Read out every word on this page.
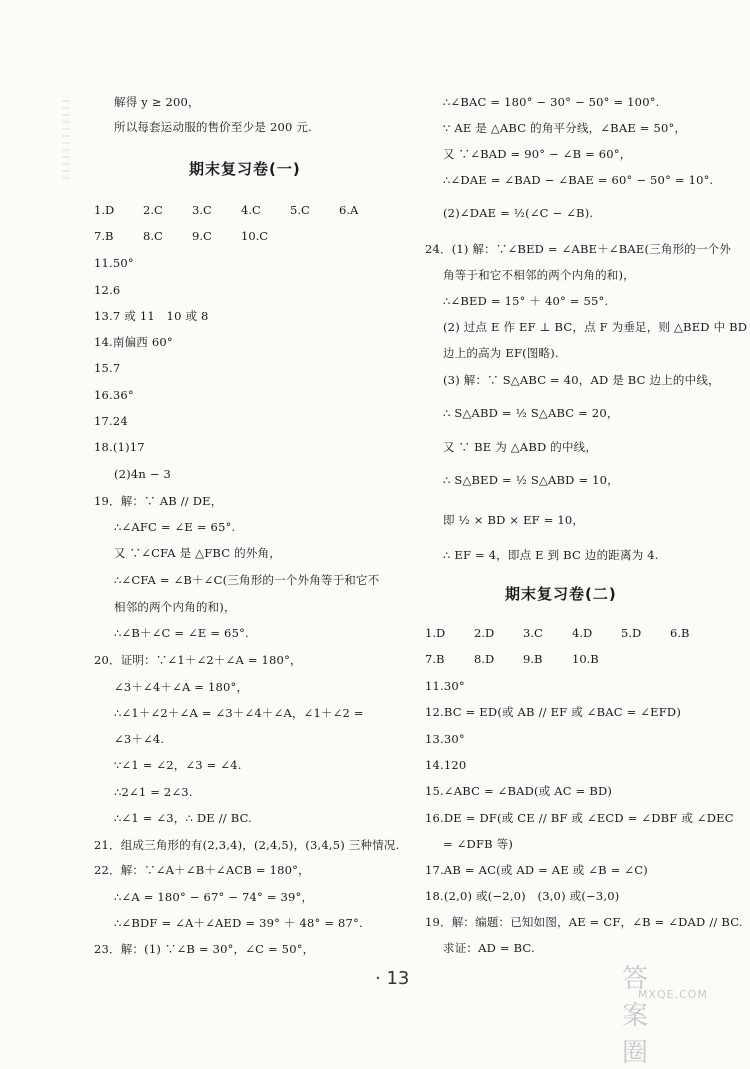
解得 y ≥ 200，
所以每套运动服的售价至少是 200 元.
期末复习卷(一)
1.D	2.C	3.C	4.C	5.C	6.A
7.B	8.C	9.C	10.C
11.50°
12.6
13.7 或 11　10 或 8
14.南偏西 60°
15.7
16.36°
17.24
18.(1)17
(2)4n − 3
19．解：∵ AB // DE，
∴∠AFC = ∠E = 65°.
又 ∵∠CFA 是 △FBC 的外角，
∴∠CFA = ∠B＋∠C(三角形的一个外角等于和它不
相邻的两个内角的和)，
∴∠B＋∠C = ∠E = 65°.
20．证明：∵∠1＋∠2＋∠A = 180°，
∠3＋∠4＋∠A = 180°，
∴∠1＋∠2＋∠A = ∠3＋∠4＋∠A，∠1＋∠2 =
∠3＋∠4.
∵∠1 = ∠2，∠3 = ∠4.
∴2∠1 = 2∠3.
∴∠1 = ∠3，∴ DE // BC.
21．组成三角形的有(2,3,4)，(2,4,5)，(3,4,5) 三种情况.
22．解：∵∠A＋∠B＋∠ACB = 180°，
∴∠A = 180° − 67° − 74° = 39°，
∴∠BDF = ∠A＋∠AED = 39° ＋ 48° = 87°.
23．解：(1) ∵∠B = 30°，∠C = 50°，
∴∠BAC = 180° − 30° − 50° = 100°.
∵ AE 是 △ABC 的角平分线，∠BAE = 50°，
又 ∵∠BAD = 90° − ∠B = 60°，
∴∠DAE = ∠BAD − ∠BAE = 60° − 50° = 10°.
(2)∠DAE = ½(∠C − ∠B).
24．(1) 解：∵∠BED = ∠ABE＋∠BAE(三角形的一个外
角等于和它不相邻的两个内角的和)，
∴∠BED = 15° ＋ 40° = 55°.
(2) 过点 E 作 EF ⊥ BC，点 F 为垂足，则 △BED 中 BD
边上的高为 EF(图略).
(3) 解：∵ S△ABC = 40，AD 是 BC 边上的中线，
∴ S△ABD = ½ S△ABC = 20，
又 ∵ BE 为 △ABD 的中线，
∴ S△BED = ½ S△ABD = 10，
即 ½ × BD × EF = 10，
∴ EF = 4，即点 E 到 BC 边的距离为 4.
期末复习卷(二)
1.D	2.D	3.C	4.D	5.D	6.B
7.B	8.D	9.B	10.B
11.30°
12.BC = ED(或 AB // EF 或 ∠BAC = ∠EFD)
13.30°
14.120
15.∠ABC = ∠BAD(或 AC = BD)
16.DE = DF(或 CE // BF 或 ∠ECD = ∠DBF 或 ∠DEC
= ∠DFB 等)
17.AB = AC(或 AD = AE 或 ∠B = ∠C)
18.(2,0) 或(−2,0)　(3,0) 或(−3,0)
19．解：编题：已知如图，AE = CF，∠B = ∠DAD // BC.
求证：AD = BC.
· 13	答案圈
MXQE.COM
